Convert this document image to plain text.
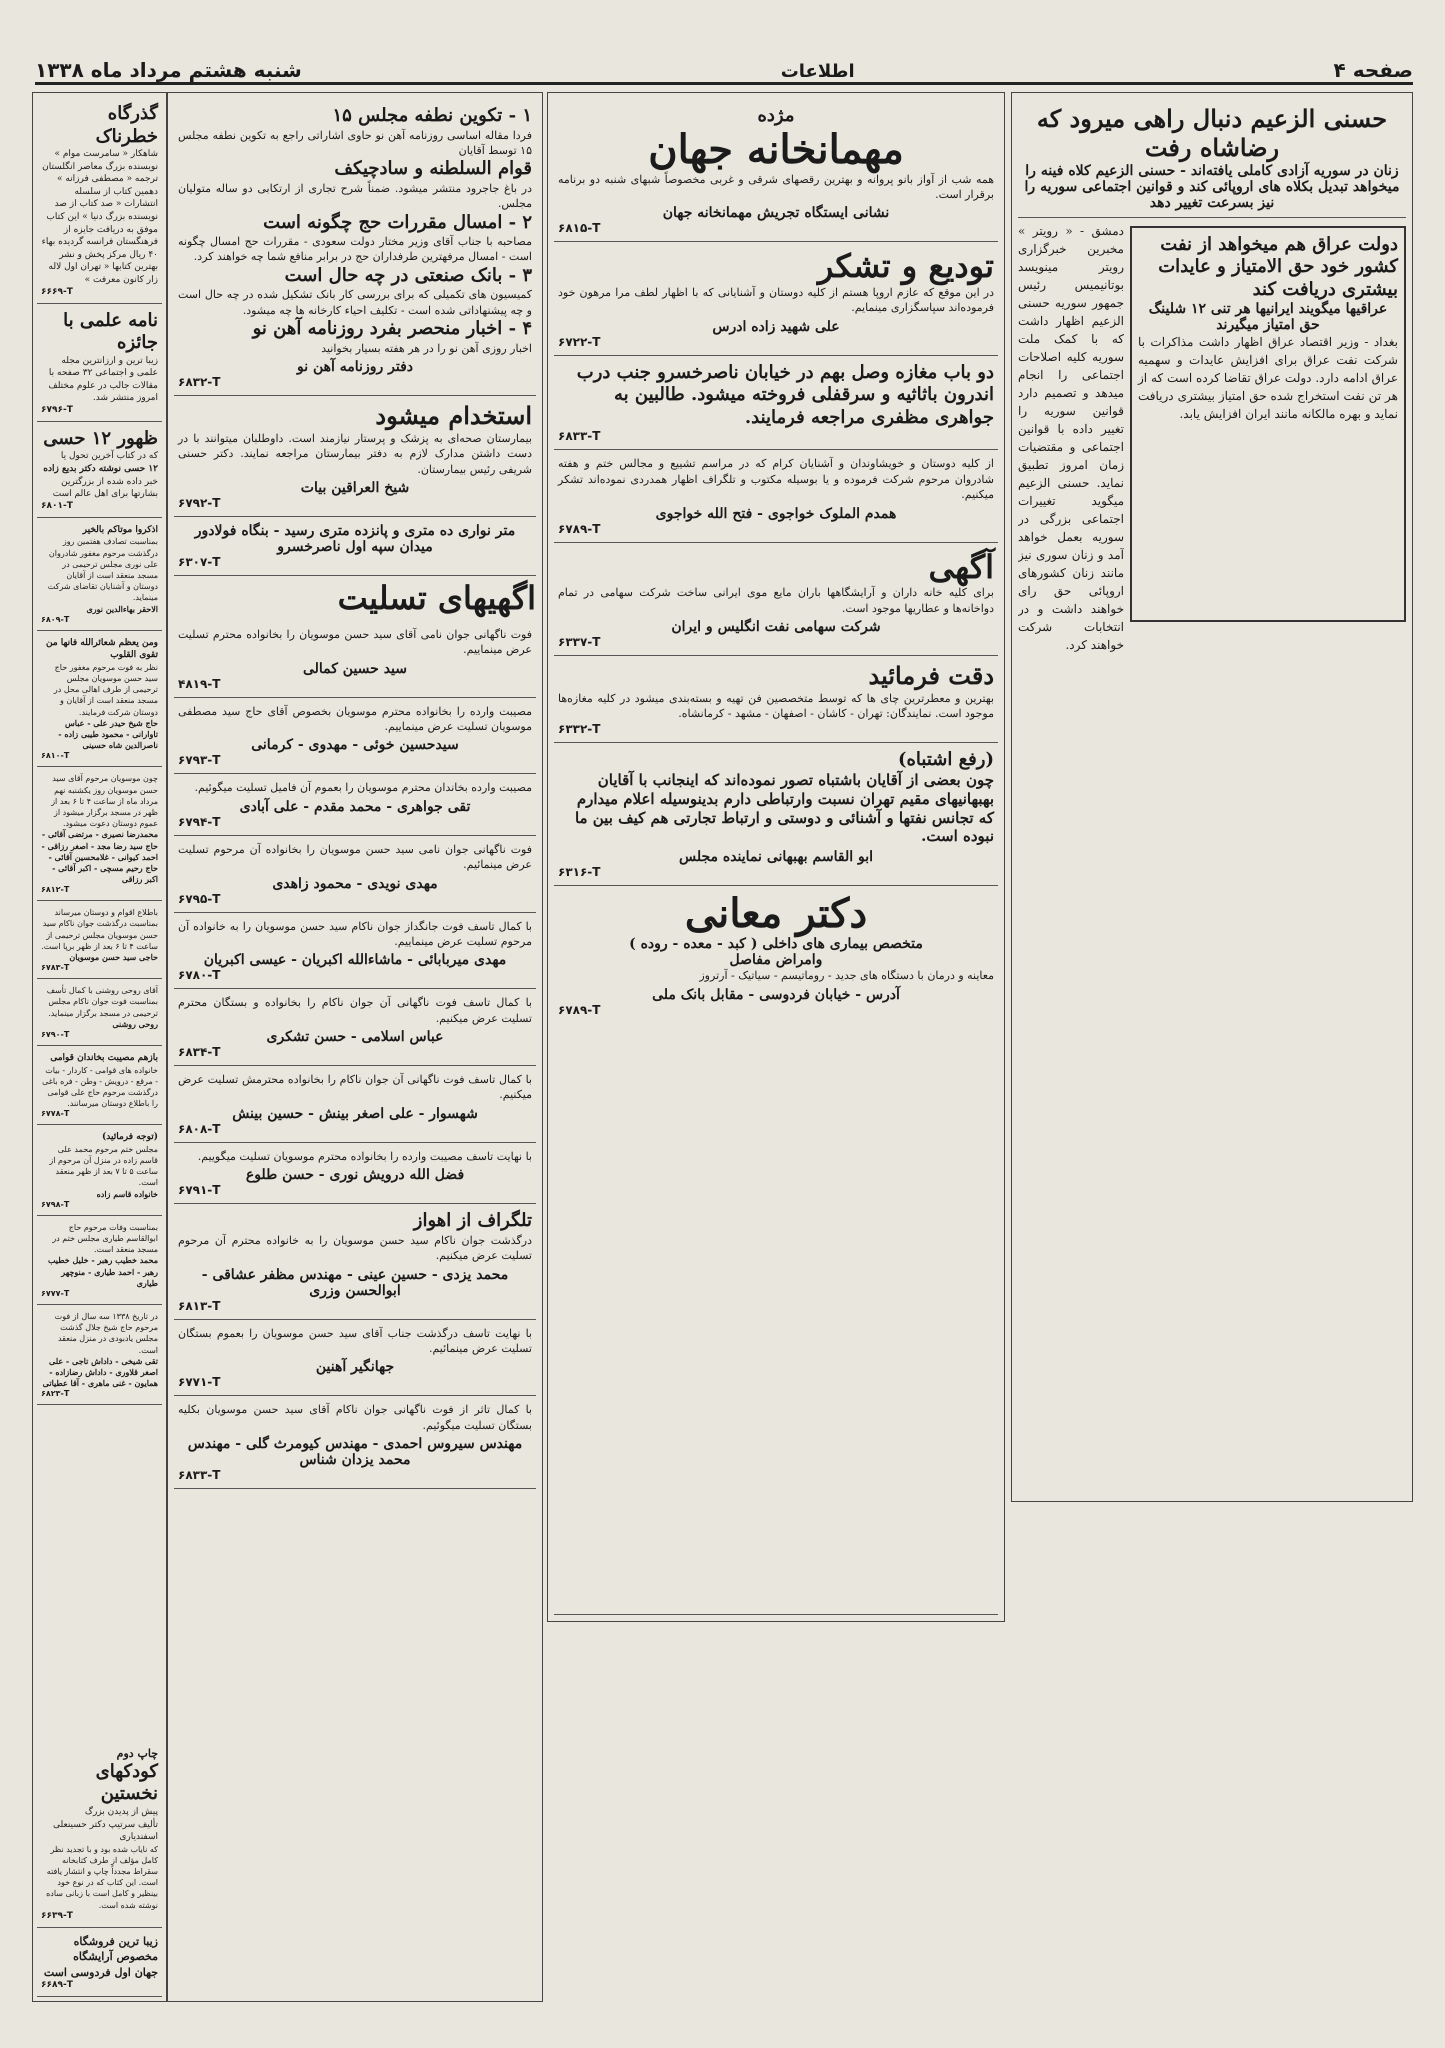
صفحه ۴
اطلاعات
شنبه هشتم مرداد ماه ۱۳۳۸
حسنی الزعیم دنبال راهی میرود که رضاشاه رفت
زنان در سوریه آزادی کاملی یافته‌اند - حسنی الزعیم کلاه فینه را میخواهد تبدیل بکلاه های اروپائی کند و قوانین اجتماعی سوریه را نیز بسرعت تغییر دهد
دولت عراق هم میخواهد از نفت کشور خود حق الامتیاز و عایدات بیشتری دریافت کند
عراقیها میگویند ایرانیها هر تنی ۱۲ شلینگ حق امتیاز میگیرند
بغداد - وزیر اقتصاد عراق اظهار داشت مذاکرات با شرکت نفت عراق برای افزایش عایدات و سهمیه عراق ادامه دارد. دولت عراق تقاضا کرده است که از هر تن نفت استخراج شده حق امتیاز بیشتری دریافت نماید و بهره مالکانه مانند ایران افزایش یابد.
دمشق - « رویتر » مخبرین خبرگزاری رویتر مینویسد بوتانیمیس رئیس جمهور سوریه حسنی الزعیم اظهار داشت که با کمک ملت سوریه کلیه اصلاحات اجتماعی را انجام میدهد و تصمیم دارد قوانین سوریه را تغییر داده با قوانین اجتماعی و مقتضیات زمان امروز تطبیق نماید. حسنی الزعیم میگوید تغییرات اجتماعی بزرگی در سوریه بعمل خواهد آمد و زنان سوری نیز مانند زنان کشورهای اروپائی حق رای خواهند داشت و در انتخابات شرکت خواهند کرد.
مژده
مهمانخانه جهان
همه شب از آواز بانو پروانه و بهترین رقصهای شرقی و غربی مخصوصاً شبهای شنبه دو برنامه برقرار است.
نشانی ایستگاه تجریش مهمانخانه جهان
۶۸۱۵-T
تودیع و تشکر
در این موقع که عازم اروپا هستم از کلیه دوستان و آشنایانی که با اظهار لطف مرا مرهون خود فرموده‌اند سپاسگزاری مینمایم.
علی شهید زاده ادرس
۶۷۲۲-T
دو باب مغازه وصل بهم در خیابان ناصرخسرو جنب درب اندرون باثاثیه و سرقفلی فروخته میشود. طالبین به جواهری مظفری مراجعه فرمایند.
۶۸۳۳-T
از کلیه دوستان و خویشاوندان و آشنایان کرام که در مراسم تشییع و مجالس ختم و هفته شادروان مرحوم شرکت فرموده و یا بوسیله مکتوب و تلگراف اظهار همدردی نموده‌اند تشکر میکنیم.
همدم الملوک خواجوی - فتح الله خواجوی
۶۷۸۹-T
آگهی
برای کلیه خانه داران و آرایشگاهها باران مایع موی ایرانی ساخت شرکت سهامی در تمام دواخانه‌ها و عطاریها موجود است.
شرکت سهامی نفت انگلیس و ایران
۶۳۳۷-T
دقت فرمائید
بهترین و معطرترین چای ها که توسط متخصصین فن تهیه و بسته‌بندی میشود در کلیه مغازه‌ها موجود است. نمایندگان: تهران - کاشان - اصفهان - مشهد - کرمانشاه.
۶۳۳۲-T
(رفع اشتباه)
چون بعضی از آقایان باشتباه تصور نموده‌اند که اینجانب با آقایان بهبهانیهای مقیم تهران نسبت وارتباطی دارم بدینوسیله اعلام میدارم که تجانس نفتها و آشنائی و دوستی و ارتباط تجارتی هم کیف بین ما نبوده است.
ابو القاسم بهبهانی نماینده مجلس
۶۳۱۶-T
دکتر معانی
متخصص بیماری های داخلی ( کبد - معده - روده )
وامراض مفاصل
معاینه و درمان با دستگاه های جدید - روماتیسم - سیاتیک - آرتروز
آدرس - خیابان فردوسی - مقابل بانک ملی
۶۷۸۹-T
۱ - تکوین نطفه مجلس ۱۵
فردا مقاله اساسی روزنامه آهن نو حاوی اشاراتی راجع به تکوین نطفه مجلس ۱۵ توسط آقایان
قوام السلطنه و سادچیکف
در باغ جاجرود منتشر میشود. ضمناً شرح تجاری از ارتکابی دو ساله متولیان مجلس.
۲ - امسال مقررات حج چگونه است
مصاحبه با جناب آقای وزیر مختار دولت سعودی - مقررات حج امسال چگونه است - امسال مرفهترین طرفداران حج در برابر منافع شما چه خواهند کرد.
۳ - بانک صنعتی در چه حال است
کمیسیون های تکمیلی که برای بررسی کار بانک تشکیل شده در چه حال است و چه پیشنهاداتی شده است - تکلیف احیاء کارخانه ها چه میشود.
۴ - اخبار منحصر بفرد روزنامه آهن نو
اخبار روزی آهن نو را در هر هفته بسیار بخوانید
دفتر روزنامه آهن نو
۶۸۳۲-T
استخدام میشود
بیمارستان صحه‌ای به پزشک و پرستار نیازمند است. داوطلبان میتوانند با در دست داشتن مدارک لازم به دفتر بیمارستان مراجعه نمایند. دکتر حسنی شریفی رئیس بیمارستان.
شیخ العراقین بیات
۶۷۹۲-T
متر نواری ده متری و پانزده متری رسید - بنگاه فولادور میدان سپه اول ناصرخسرو
۶۳۰۷-T
اگهیهای تسلیت
فوت ناگهانی جوان نامی آقای سید حسن موسویان را بخانواده محترم تسلیت عرض مینماییم.
سید حسین کمالی
۴۸۱۹-T
مصیبت وارده را بخانواده محترم موسویان بخصوص آقای حاج سید مصطفی موسویان تسلیت عرض مینماییم.
سیدحسین خوئی - مهدوی - کرمانی
۶۷۹۳-T
مصیبت وارده بخاندان محترم موسویان را بعموم آن فامیل تسلیت میگوئیم.
تقی جواهری - محمد مقدم - علی آبادی
۶۷۹۴-T
فوت ناگهانی جوان نامی سید حسن موسویان را بخانواده آن مرحوم تسلیت عرض مینمائیم.
مهدی نویدی - محمود زاهدی
۶۷۹۵-T
با کمال تاسف فوت جانگداز جوان ناکام سید حسن موسویان را به خانواده آن مرحوم تسلیت عرض مینماییم.
مهدی میربابائی - ماشاءالله اکبریان - عیسی اکبریان
۶۷۸۰-T
با کمال تاسف فوت ناگهانی آن جوان ناکام را بخانواده و بستگان محترم تسلیت عرض میکنیم.
عباس اسلامی - حسن تشکری
۶۸۳۴-T
با کمال تاسف فوت ناگهانی آن جوان ناکام را بخانواده محترمش تسلیت عرض میکنیم.
شهسوار - علی اصغر بینش - حسین بینش
۶۸۰۸-T
با نهایت تاسف مصیبت وارده را بخانواده محترم موسویان تسلیت میگوییم.
فضل الله درویش نوری - حسن طلوع
۶۷۹۱-T
تلگراف از اهواز
درگذشت جوان ناکام سید حسن موسویان را به خانواده محترم آن مرحوم تسلیت عرض میکنیم.
محمد یزدی - حسین عینی - مهندس مظفر عشاقی - ابوالحسن وزری
۶۸۱۳-T
با نهایت تاسف درگذشت جناب آقای سید حسن موسویان را بعموم بستگان تسلیت عرض مینمائیم.
جهانگیر آهنین
۶۷۷۱-T
با کمال تاثر از فوت ناگهانی جوان ناکام آقای سید حسن موسویان بکلیه بستگان تسلیت میگوئیم.
مهندس سیروس احمدی - مهندس کیومرث گلی - مهندس محمد یزدان شناس
۶۸۳۳-T
گذرگاه خطرناک
شاهکار « سامرست موام » نویسنده بزرگ معاصر انگلستان ترجمه « مصطفی فرزانه » دهمین کتاب از سلسله انتشارات « صد کتاب از صد نویسنده بزرگ دنیا » این کتاب موفق به دریافت جایزه از فرهنگستان فرانسه گردیده بهاء ۴۰ ریال مرکز پخش و نشر بهترین کتابها « تهران اول لاله زار کانون معرفت »
۶۶۶۹-T
نامه علمی با جائزه
زیبا ترین و ارزانترین مجله علمی و اجتماعی ۳۲ صفحه با مقالات جالب در علوم مختلف امروز منتشر شد.
۶۷۹۶-T
ظهور ۱۲ حسی
که در کتاب آخرین تحول یا
۱۲ حسی نوشته دکتر بدیع زاده
خبر داده شده از بزرگترین بشارتها برای اهل عالم است
۶۸۰۱-T
اذکروا موتاکم بالخیر
بمناسبت تصادف هفتمین روز درگذشت مرحوم مغفور شادروان علی نوری مجلس ترحیمی در مسجد منعقد است از آقایان دوستان و آشنایان تقاضای شرکت مینماید.
الاحقر بهاءالدین نوری
۶۸۰۹-T
ومن یعظم شعائرالله فانها من تقوی القلوب
نظر به فوت مرحوم مغفور حاج سید حسن موسویان مجلس ترحیمی از طرف اهالی محل در مسجد منعقد است از آقایان و دوستان شرکت فرمایند.
حاج شیخ حیدر علی - عباس تاوارانی - محمود طیبی زاده - ناصرالدین شاه حسینی
۶۸۱۰-T
چون موسویان مرحوم آقای سید حسن موسویان روز یکشنبه نهم مرداد ماه از ساعت ۴ تا ۶ بعد از ظهر در مسجد برگزار میشود از عموم دوستان دعوت میشود.
محمدرضا نصیری - مرتضی آقائی - حاج سید رضا مجد - اصغر رزاقی - احمد کیوانی - غلامحسین آقائی - حاج رحیم مسچی - اکبر آقائی - اکبر رزاقی
۶۸۱۲-T
باطلاع اقوام و دوستان میرساند بمناسبت درگذشت جوان ناکام سید حسن موسویان مجلس ترحیمی از ساعت ۴ تا ۶ بعد از ظهر برپا است.
حاجی سید حسن موسویان
۶۷۸۳-T
آقای روحی روشنی با کمال تأسف بمناسبت فوت جوان ناکام مجلس ترحیمی در مسجد برگزار مینماید.
روحی روشنی
۶۷۹۰-T
بازهم مصیبت بخاندان قوامی
خانواده های قوامی - کاردار - بیات - مرقع - درویش - وطن - فره باغی درگذشت مرحوم حاج علی قوامی را باطلاع دوستان میرسانند.
۶۷۷۸-T
(توجه فرمائید)
مجلس ختم مرحوم محمد علی قاسم زاده در منزل آن مرحوم از ساعت ۵ تا ۷ بعد از ظهر منعقد است.
خانواده قاسم زاده
۶۷۹۸-T
بمناسبت وفات مرحوم حاج ابوالقاسم طیاری مجلس ختم در مسجد منعقد است.
محمد خطیب رهبر - خلیل خطیب رهبر - احمد طیاری - منوچهر طیاری
۶۷۷۷-T
در تاریخ ۱۳۳۸ سه سال از فوت مرحوم حاج شیخ جلال گذشت مجلس یادبودی در منزل منعقد است.
تقی شیخی - داداش تاجی - علی اصغر قلاوری - داداش رضازاده - همایون - غنی ماهری - آقا عطیاتی
۶۸۲۳-T
چاپ دوم
کودکهای نخستین
پیش از پدیدن بزرگ
تألیف سرتیپ دکتر حسینعلی اسفندیاری
که نایاب شده بود و با تجدید نظر کامل مؤلف از طرف کتابخانه سقراط مجدداً چاپ و انتشار یافته است. این کتاب که در نوع خود بینظیر و کامل است با زبانی ساده نوشته شده است.
۶۶۳۹-T
زیبا ترین فروشگاه مخصوص آرایشگاه
جهان اول فردوسی است
۶۶۸۹-T
